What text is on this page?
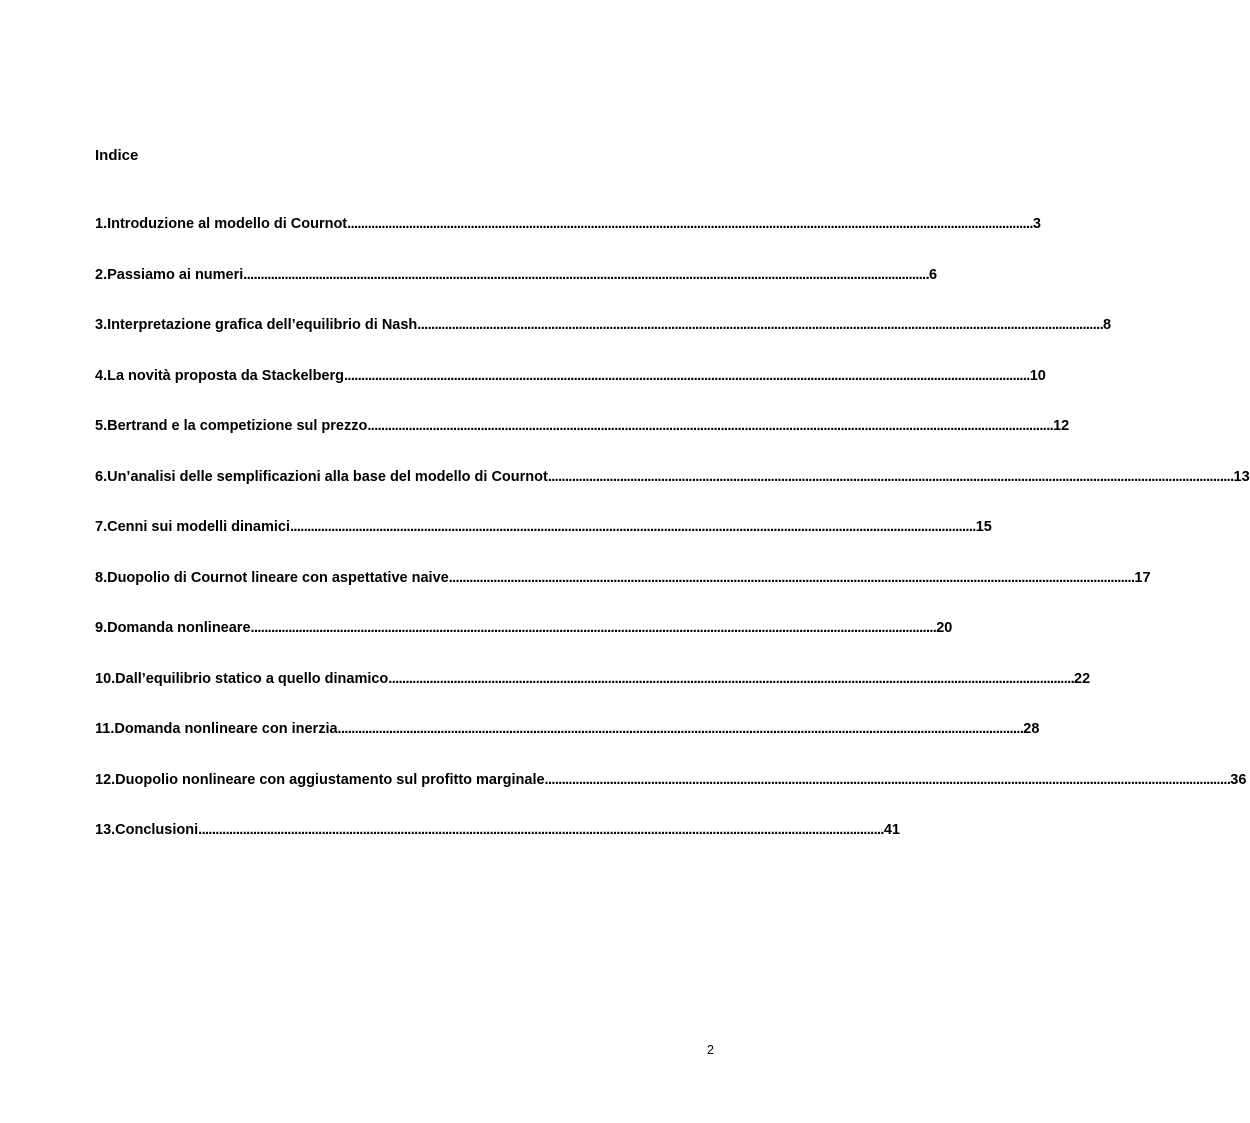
Indice
1.Introduzione al modello di Cournot ........................................................................................................................................................................................................ 3
2.Passiamo ai numeri ........................................................................................................................................................................................................ 6
3.Interpretazione grafica dell’equilibrio di Nash ........................................................................................................................................................................................................ 8
4.La novità proposta da Stackelberg ........................................................................................................................................................................................................ 10
5.Bertrand e la competizione sul prezzo ........................................................................................................................................................................................................ 12
6.Un’analisi delle semplificazioni alla base del modello di Cournot ........................................................................................................................................................................................................ 13
7.Cenni sui modelli dinamici ........................................................................................................................................................................................................ 15
8.Duopolio di Cournot lineare con aspettative naive ........................................................................................................................................................................................................ 17
9.Domanda nonlineare ........................................................................................................................................................................................................ 20
10.Dall’equilibrio statico a quello dinamico ........................................................................................................................................................................................................ 22
11.Domanda nonlineare con inerzia ........................................................................................................................................................................................................ 28
12.Duopolio nonlineare con aggiustamento sul profitto marginale ........................................................................................................................................................................................................ 36
13.Conclusioni ........................................................................................................................................................................................................ 41
2
